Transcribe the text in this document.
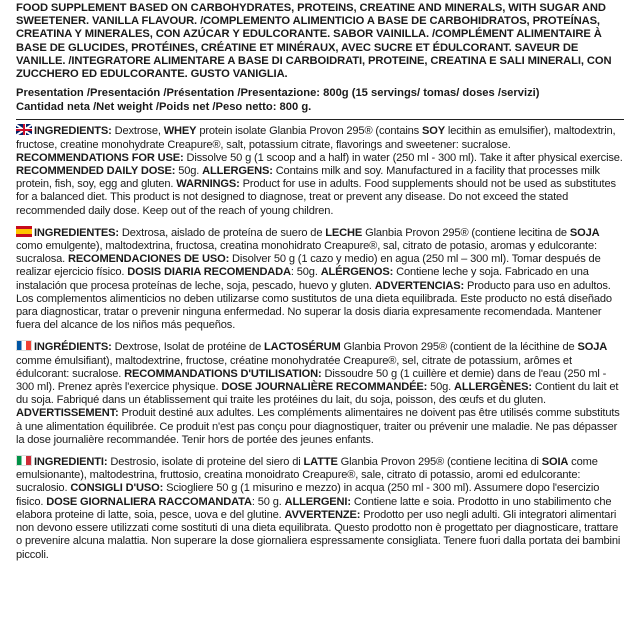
FOOD SUPPLEMENT BASED ON CARBOHYDRATES, PROTEINS, CREATINE AND MINERALS, WITH SUGAR AND SWEETENER. VANILLA FLAVOUR. /COMPLEMENTO ALIMENTICIO A BASE DE CARBOHIDRATOS, PROTEÍNAS, CREATINA Y MINERALES, CON AZÚCAR Y EDULCORANTE. SABOR VAINILLA. /COMPLÉMENT ALIMENTAIRE À BASE DE GLUCIDES, PROTÉINES, CRÉATINE ET MINÉRAUX, AVEC SUCRE ET ÉDULCORANT. SAVEUR DE VANILLE. /INTEGRATORE ALIMENTARE A BASE DI CARBOIDRATI, PROTEINE, CREATINA E SALI MINERALI, CON ZUCCHERO ED EDULCORANTE. GUSTO VANIGLIA.
Presentation /Presentación /Présentation /Presentazione: 800g (15 servings/ tomas/ doses /servizi)
Cantidad neta /Net weight /Poids net /Peso netto: 800 g.
INGREDIENTS: Dextrose, WHEY protein isolate Glanbia Provon 295® (contains SOY lecithin as emulsifier), maltodextrin, fructose, creatine monohydrate Creapure®, salt, potassium citrate, flavorings and sweetener: sucralose. RECOMMENDATIONS FOR USE: Dissolve 50 g (1 scoop and a half) in water (250 ml - 300 ml). Take it after physical exercise. RECOMMENDED DAILY DOSE: 50g. ALLERGENS: Contains milk and soy. Manufactured in a facility that processes milk protein, fish, soy, egg and gluten. WARNINGS: Product for use in adults. Food supplements should not be used as substitutes for a balanced diet. This product is not designed to diagnose, treat or prevent any disease. Do not exceed the stated recommended daily dose. Keep out of the reach of young children.
INGREDIENTES: Dextrosa, aislado de proteína de suero de LECHE Glanbia Provon 295® (contiene lecitina de SOJA como emulgente), maltodextrina, fructosa, creatina monohidrato Creapure®, sal, citrato de potasio, aromas y edulcorante: sucralosa. RECOMENDACIONES DE USO: Disolver 50 g (1 cazo y medio) en agua (250 ml – 300 ml). Tomar después de realizar ejercicio físico. DOSIS DIARIA RECOMENDADA: 50g. ALÉRGENOS: Contiene leche y soja. Fabricado en una instalación que procesa proteínas de leche, soja, pescado, huevo y gluten. ADVERTENCIAS: Producto para uso en adultos. Los complementos alimenticios no deben utilizarse como sustitutos de una dieta equilibrada. Este producto no está diseñado para diagnosticar, tratar o prevenir ninguna enfermedad. No superar la dosis diaria expresamente recomendada. Mantener fuera del alcance de los niños más pequeños.
INGRÉDIENTS: Dextrose, Isolat de protéine de LACTOSÉRUM Glanbia Provon 295® (contient de la lécithine de SOJA comme émulsifiant), maltodextrine, fructose, créatine monohydratée Creapure®, sel, citrate de potassium, arômes et édulcorant: sucralose. RECOMMANDATIONS D'UTILISATION: Dissoudre 50 g (1 cuillère et demie) dans de l'eau (250 ml - 300 ml). Prenez après l'exercice physique. DOSE JOURNALIÈRE RECOMMANDÉE: 50g. ALLERGÈNES: Contient du lait et du soja. Fabriqué dans un établissement qui traite les protéines du lait, du soja, poisson, des œufs et du gluten. ADVERTISSEMENT: Produit destiné aux adultes. Les compléments alimentaires ne doivent pas être utilisés comme substituts à une alimentation équilibrée. Ce produit n'est pas conçu pour diagnostiquer, traiter ou prévenir une maladie. Ne pas dépasser la dose journalière recommandée. Tenir hors de portée des jeunes enfants.
INGREDIENTI: Destrosio, isolate di proteine del siero di LATTE Glanbia Provon 295® (contiene lecitina di SOIA come emulsionante), maltodestrina, fruttosio, creatina monoidrato Creapure®, sale, citrato di potassio, aromi ed edulcorante: sucralosio. CONSIGLI D'USO: Sciogliere 50 g (1 misurino e mezzo) in acqua (250 ml - 300 ml). Assumere dopo l'esercizio fisico. DOSE GIORNALIERA RACCOMANDATA: 50 g. ALLERGENI: Contiene latte e soia. Prodotto in uno stabilimento che elabora proteine di latte, soia, pesce, uova e del glutine. AVVERTENZE: Prodotto per uso negli adulti. Gli integratori alimentari non devono essere utilizzati come sostituti di una dieta equilibrata. Questo prodotto non è progettato per diagnosticare, trattare o prevenire alcuna malattia. Non superare la dose giornaliera espressamente consigliata. Tenere fuori dalla portata dei bambini piccoli.
